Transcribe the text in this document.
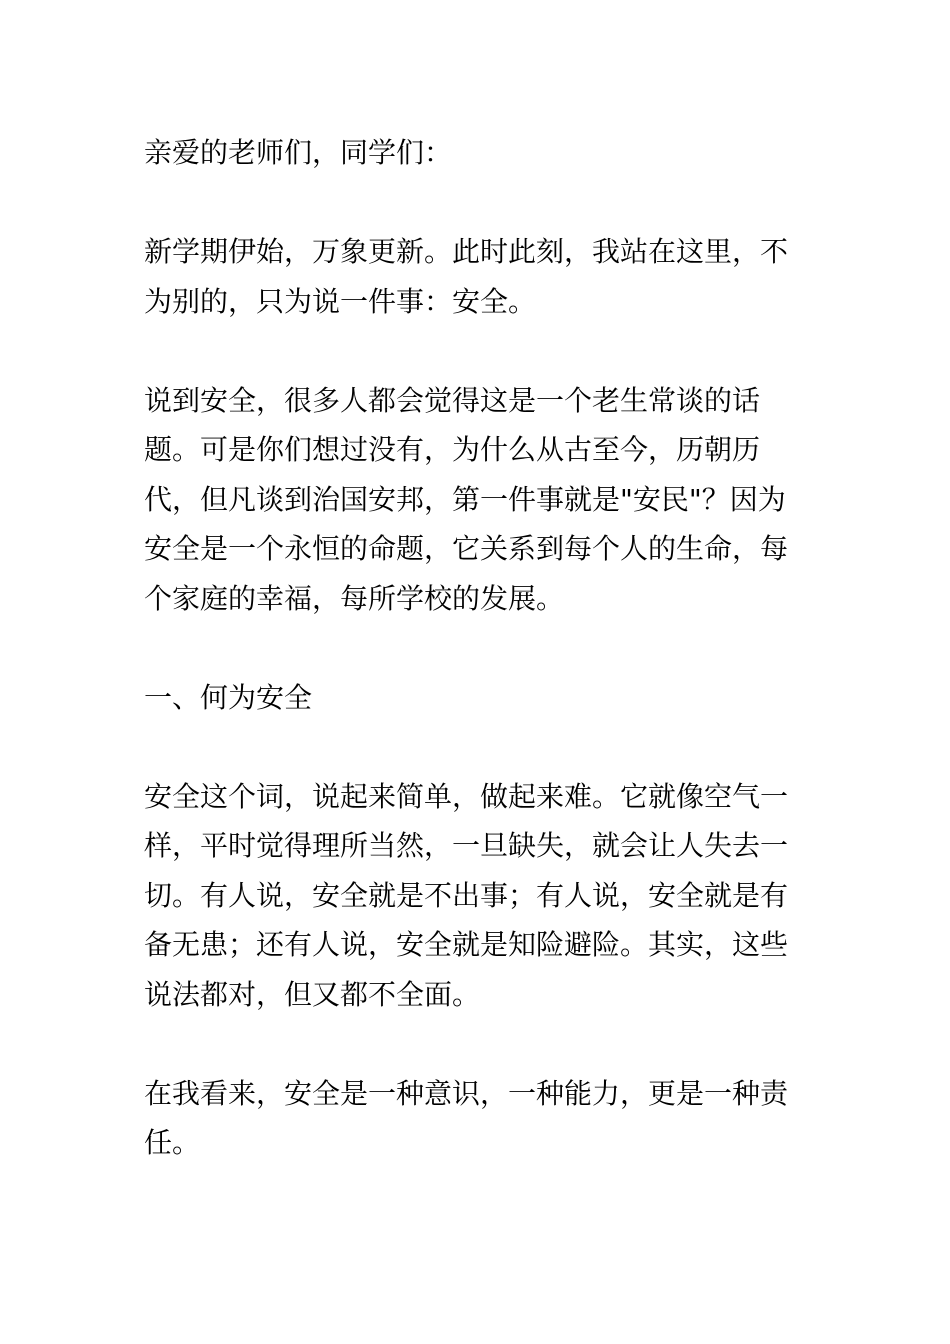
亲爱的老师们，同学们：

新学期伊始，万象更新。此时此刻，我站在这里，不为别的，只为说一件事：安全。

说到安全，很多人都会觉得这是一个老生常谈的话题。可是你们想过没有，为什么从古至今，历朝历代，但凡谈到治国安邦，第一件事就是"安民"？因为安全是一个永恒的命题，它关系到每个人的生命，每个家庭的幸福，每所学校的发展。

一、何为安全

安全这个词，说起来简单，做起来难。它就像空气一样，平时觉得理所当然，一旦缺失，就会让人失去一切。有人说，安全就是不出事；有人说，安全就是有备无患；还有人说，安全就是知险避险。其实，这些说法都对，但又都不全面。

在我看来，安全是一种意识，一种能力，更是一种责任。
